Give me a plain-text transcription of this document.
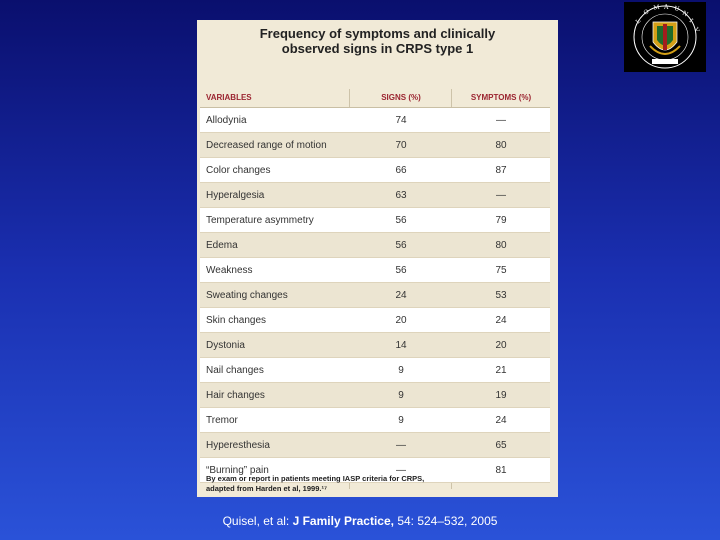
Frequency of symptoms and clinically
observed signs in CRPS type 1
VARIABLES	SIGNS (%)	SYMPTOMS (%)
Allodynia	74	—
Decreased range of motion	70	80
Color changes	66	87
Hyperalgesia	63	—
Temperature asymmetry	56	79
Edema	56	80
Weakness	56	75
Sweating changes	24	53
Skin changes	20	24
Dystonia	14	20
Nail changes	9	21
Hair changes	9	19
Tremor	9	24
Hyperesthesia	—	65
“Burning” pain	—	81
By exam or report in patients meeting IASP criteria for CRPS,
adapted from Harden et al, 1999.¹⁷
L
O
M A U
N
I
V
Quisel, et al: J Family Practice, 54: 524–532, 2005
